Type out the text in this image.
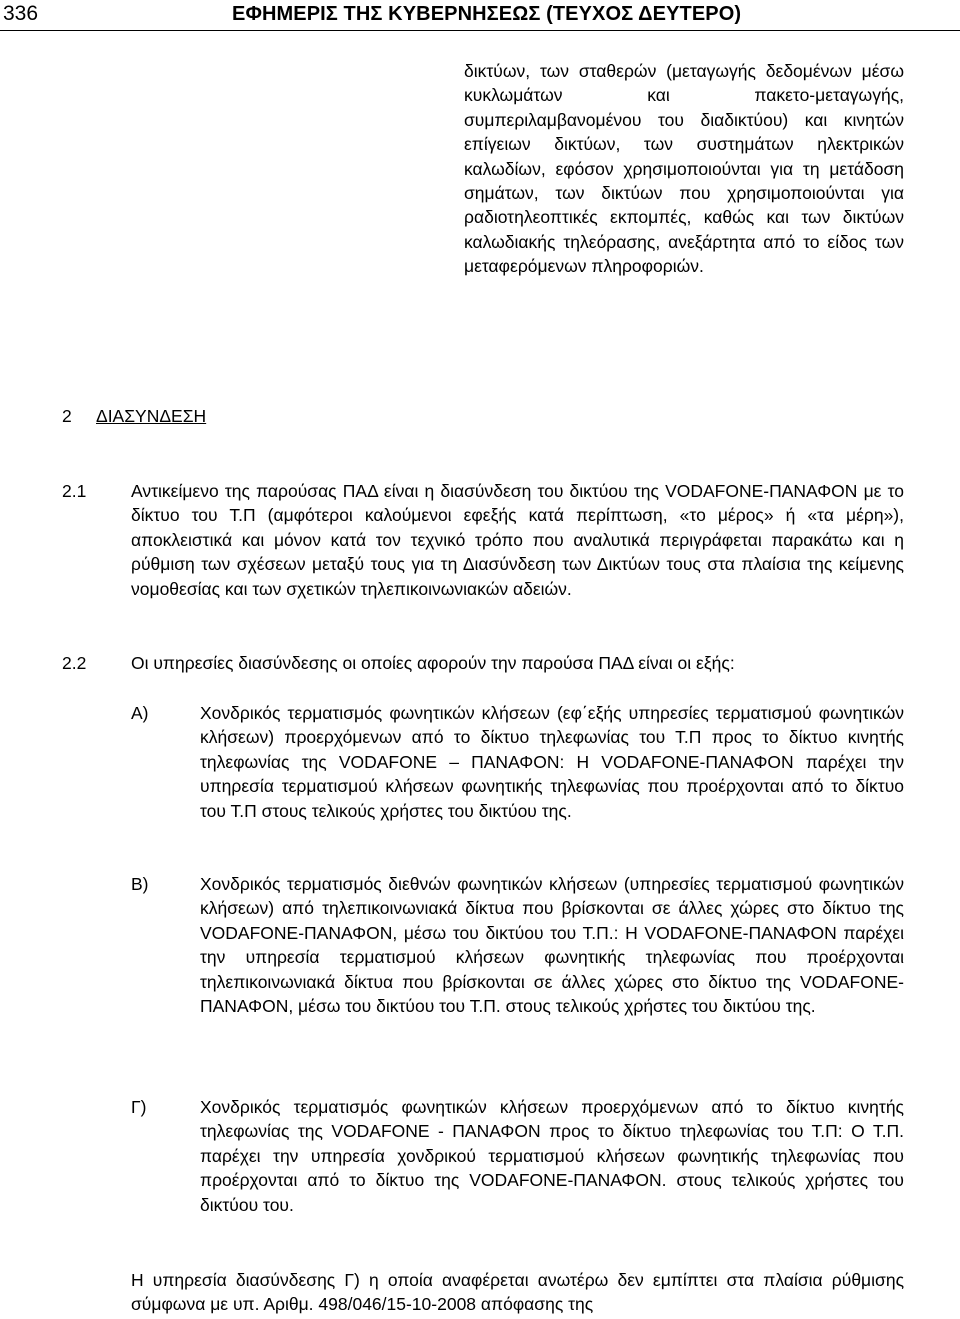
336	ΕΦΗΜΕΡΙΣ ΤΗΣ ΚΥΒΕΡΝΗΣΕΩΣ (ΤΕΥΧΟΣ ΔΕΥΤΕΡΟ)

δικτύων, των σταθερών (μεταγωγής δεδομένων μέσω κυκλωμάτων και πακετο-μεταγωγής, συμπεριλαμβανομένου του διαδικτύου) και κινητών επίγειων δικτύων, των συστημάτων ηλεκτρικών καλωδίων, εφόσον χρησιμοποιούνται για τη μετάδοση σημάτων, των δικτύων που χρησιμοποιούνται για ραδιοτηλεοπτικές εκπομπές, καθώς και των δικτύων καλωδιακής τηλεόρασης, ανεξάρτητα από το είδος των μεταφερόμενων πληροφοριών.

2 ΔΙΑΣΥΝΔΕΣΗ
2.1	Αντικείμενο της παρούσας ΠΑΔ είναι η διασύνδεση του δικτύου της VODAFONE-ΠΑΝΑΦΟΝ με το δίκτυο του Τ.Π (αμφότεροι καλούμενοι εφεξής κατά περίπτωση, «το μέρος» ή «τα μέρη»), αποκλειστικά και μόνον κατά τον τεχνικό τρόπο που αναλυτικά περιγράφεται παρακάτω και η ρύθμιση των σχέσεων μεταξύ τους για τη Διασύνδεση των Δικτύων τους στα πλαίσια της κείμενης νομοθεσίας και των σχετικών τηλεπικοινωνιακών αδειών.
2.2	Οι υπηρεσίες διασύνδεσης οι οποίες αφορούν την παρούσα ΠΑΔ είναι οι εξής:
Α)	Χονδρικός τερματισμός φωνητικών κλήσεων (εφ΄εξής υπηρεσίες τερματισμού φωνητικών κλήσεων) προερχόμενων από το δίκτυο τηλεφωνίας του Τ.Π προς το δίκτυο κινητής τηλεφωνίας της VODAFONE – ΠΑΝΑΦΟΝ: Η VODAFONE-ΠΑΝΑΦΟΝ παρέχει την υπηρεσία τερματισμού κλήσεων φωνητικής τηλεφωνίας που προέρχονται από το δίκτυο του Τ.Π στους τελικούς χρήστες του δικτύου της.
Β)	Χονδρικός τερματισμός διεθνών φωνητικών κλήσεων (υπηρεσίες τερματισμού φωνητικών κλήσεων) από τηλεπικοινωνιακά δίκτυα που βρίσκονται σε άλλες χώρες στο δίκτυο της VODAFONE-ΠΑΝΑΦΟΝ, μέσω του δικτύου του Τ.Π.: Η VODAFONE-ΠΑΝΑΦΟΝ παρέχει την υπηρεσία τερματισμού κλήσεων φωνητικής τηλεφωνίας που προέρχονται τηλεπικοινωνιακά δίκτυα που βρίσκονται σε άλλες χώρες στο δίκτυο της VODAFONE-ΠΑΝΑΦΟΝ, μέσω του δικτύου του Τ.Π. στους τελικούς χρήστες του δικτύου της.
Γ)	Χονδρικός τερματισμός φωνητικών κλήσεων προερχόμενων από το δίκτυο κινητής τηλεφωνίας της VODAFONE - ΠΑΝΑΦΟΝ προς το δίκτυο τηλεφωνίας του Τ.Π: Ο Τ.Π. παρέχει την υπηρεσία χονδρικού τερματισμού κλήσεων φωνητικής τηλεφωνίας που προέρχονται από το δίκτυο της VODAFONE-ΠΑΝΑΦΟΝ. στους τελικούς χρήστες του δικτύου του.

Η υπηρεσία διασύνδεσης Γ) η οποία αναφέρεται ανωτέρω δεν εμπίπτει στα πλαίσια ρύθμισης σύμφωνα με υπ. Αριθμ. 498/046/15-10-2008 απόφασης της
